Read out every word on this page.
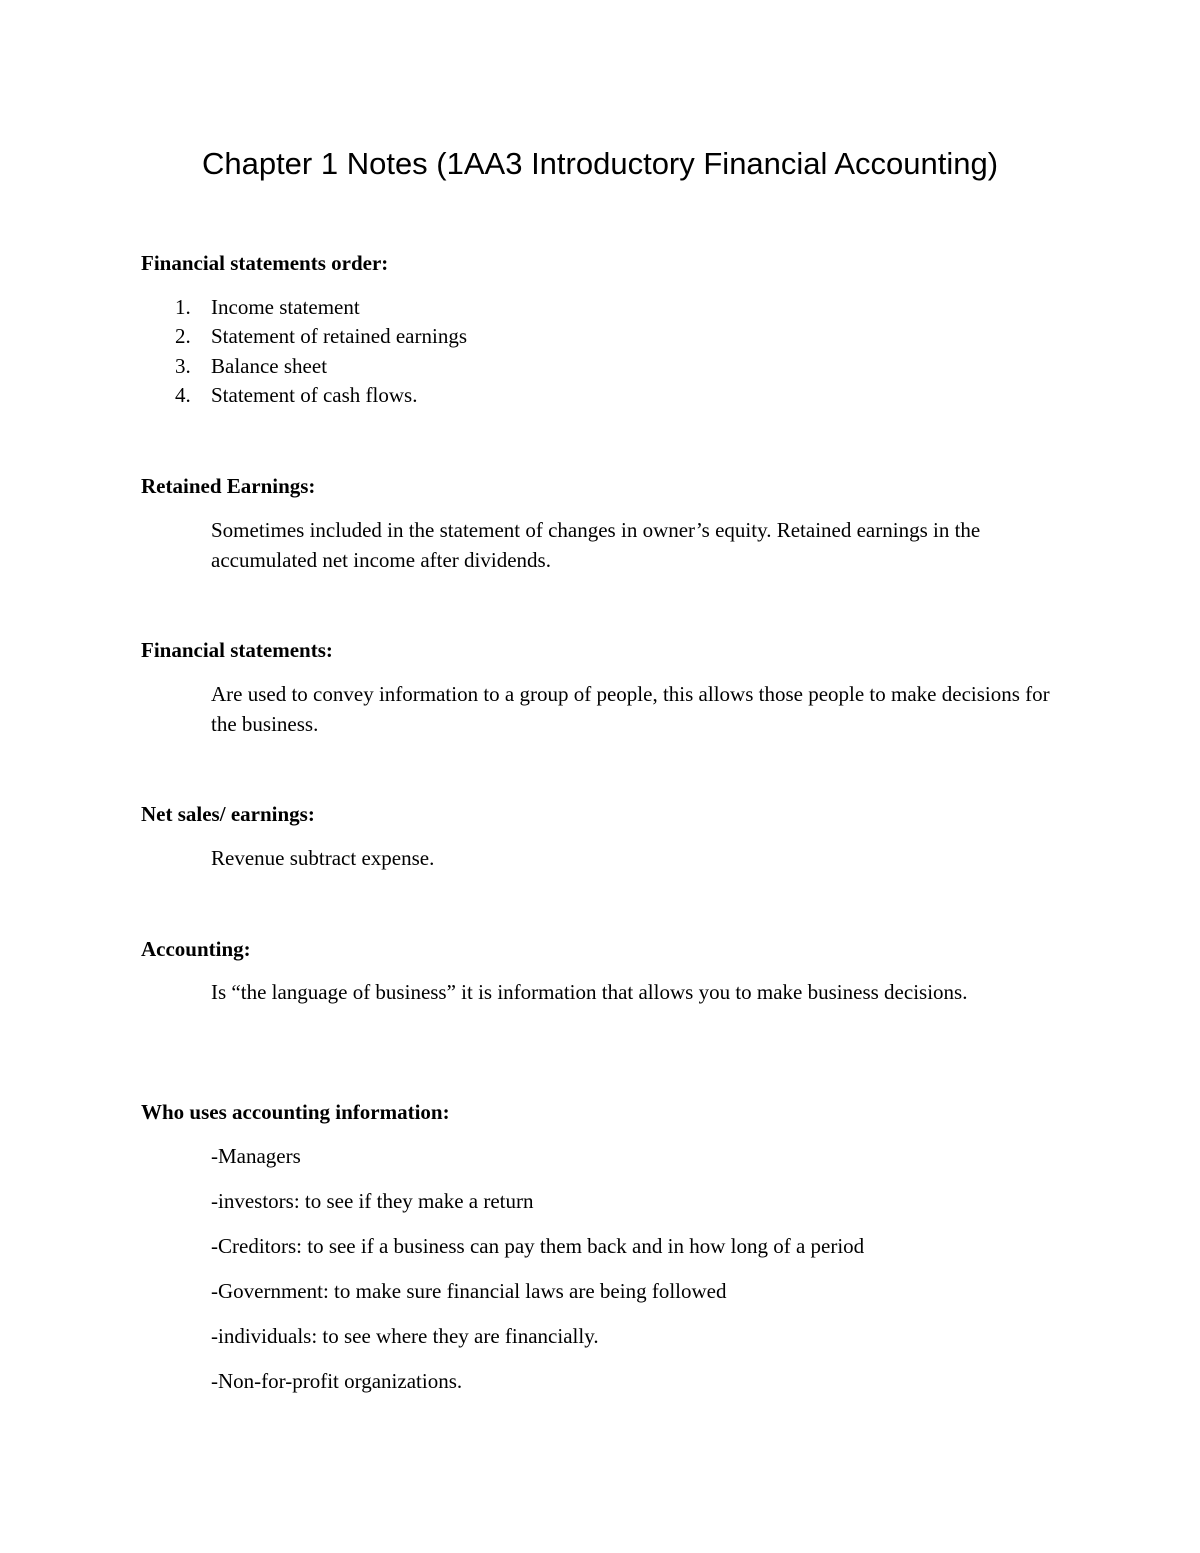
Chapter 1 Notes (1AA3 Introductory Financial Accounting)
Financial statements order:
1. Income statement
2. Statement of retained earnings
3. Balance sheet
4. Statement of cash flows.
Retained Earnings:

Sometimes included in the statement of changes in owner’s equity. Retained earnings in the accumulated net income after dividends.

Financial statements:

Are used to convey information to a group of people, this allows those people to make decisions for the business.

Net sales/ earnings:

Revenue subtract expense.

Accounting:

Is “the language of business” it is information that allows you to make business decisions.

Who uses accounting information:
-Managers
-investors: to see if they make a return
-Creditors: to see if a business can pay them back and in how long of a period
-Government: to make sure financial laws are being followed
-individuals: to see where they are financially.
-Non-for-profit organizations.
